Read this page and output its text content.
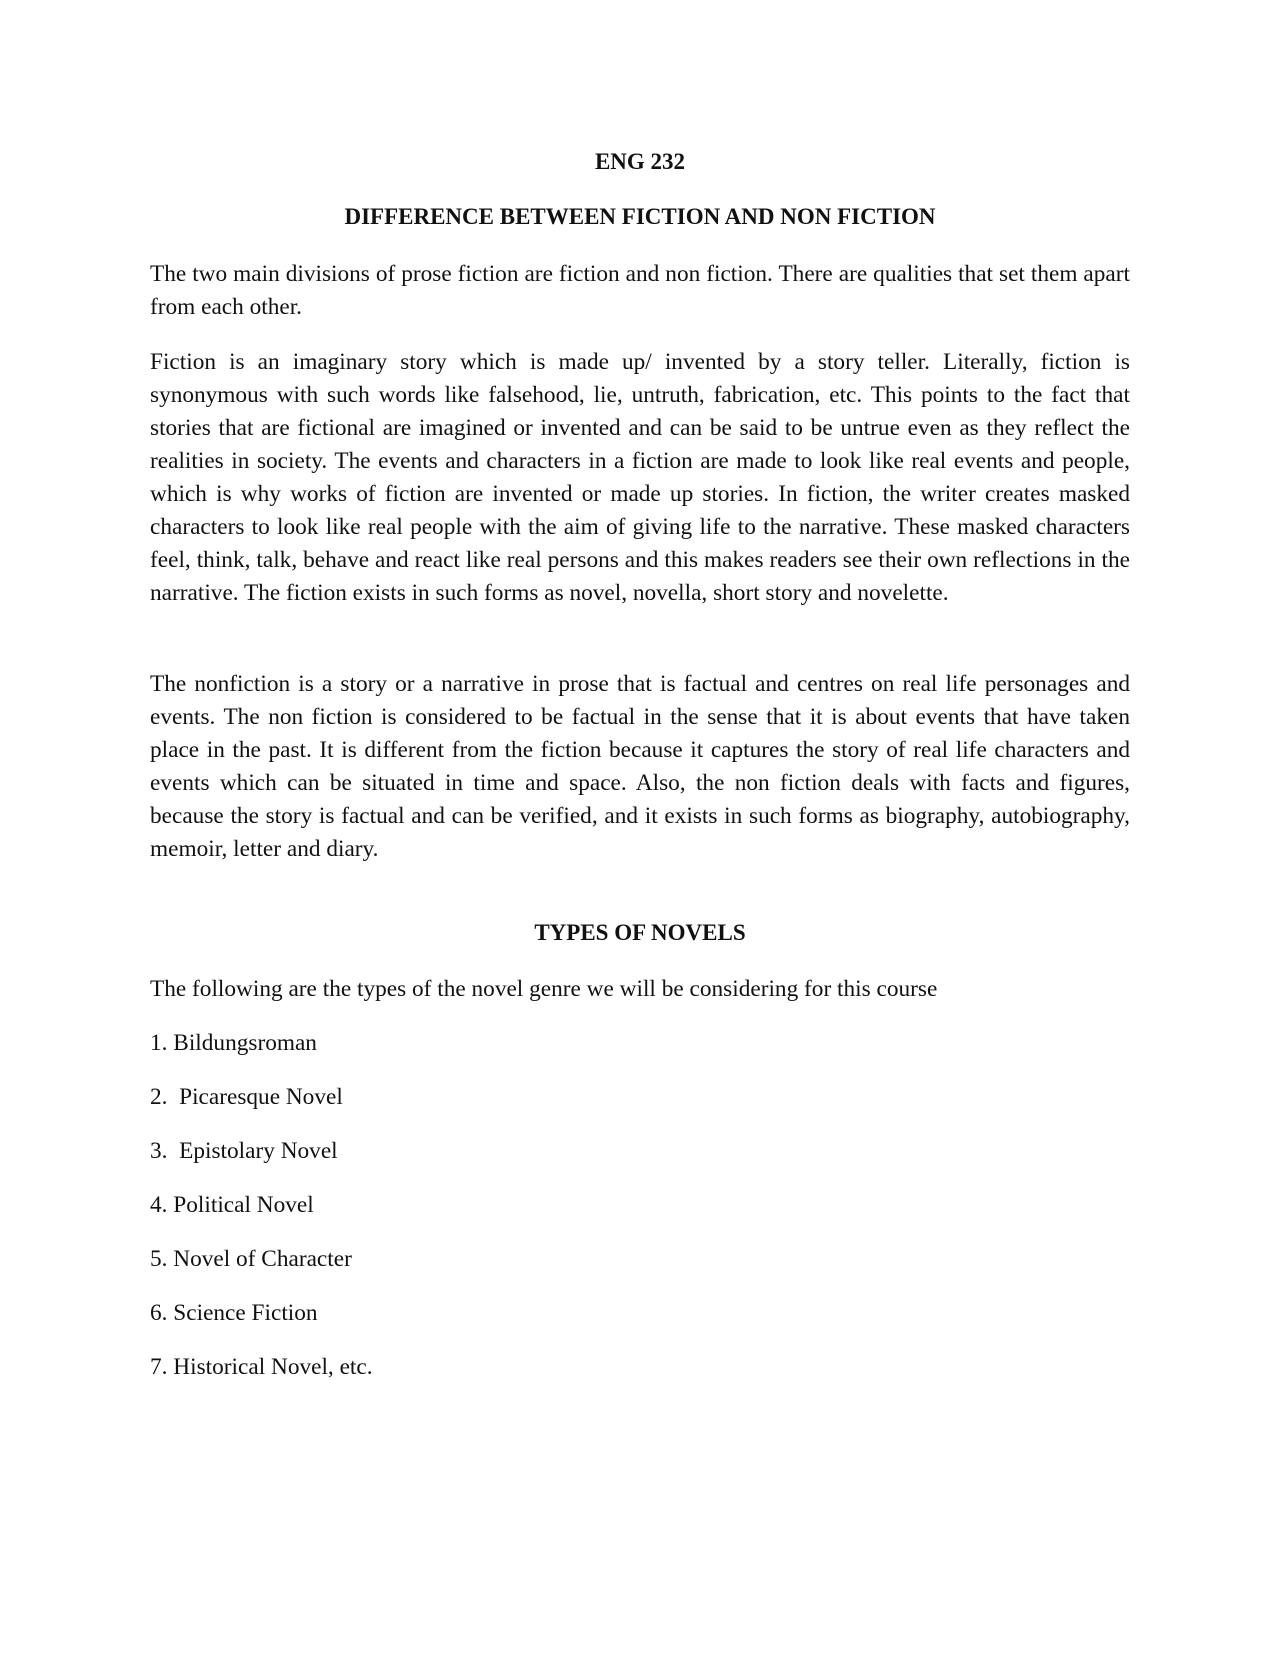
ENG 232
DIFFERENCE BETWEEN FICTION AND NON FICTION

The two main divisions of prose fiction are fiction and non fiction. There are qualities that set them apart from each other.

Fiction is an imaginary story which is made up/ invented by a story teller. Literally, fiction is synonymous with such words like falsehood, lie, untruth, fabrication, etc. This points to the fact that stories that are fictional are imagined or invented and can be said to be untrue even as they reflect the realities in society. The events and characters in a fiction are made to look like real events and people, which is why works of fiction are invented or made up stories. In fiction, the writer creates masked characters to look like real people with the aim of giving life to the narrative. These masked characters feel, think, talk, behave and react like real persons and this makes readers see their own reflections in the narrative. The fiction exists in such forms as novel, novella, short story and novelette.

The nonfiction is a story or a narrative in prose that is factual and centres on real life personages and events. The non fiction is considered to be factual in the sense that it is about events that have taken place in the past. It is different from the fiction because it captures the story of real life characters and events which can be situated in time and space. Also, the non fiction deals with facts and figures, because the story is factual and can be verified, and it exists in such forms as biography, autobiography, memoir, letter and diary.

TYPES OF NOVELS

The following are the types of the novel genre we will be considering for this course

1. Bildungsroman
2.  Picaresque Novel
3.  Epistolary Novel
4. Political Novel
5. Novel of Character
6. Science Fiction
7. Historical Novel, etc.
